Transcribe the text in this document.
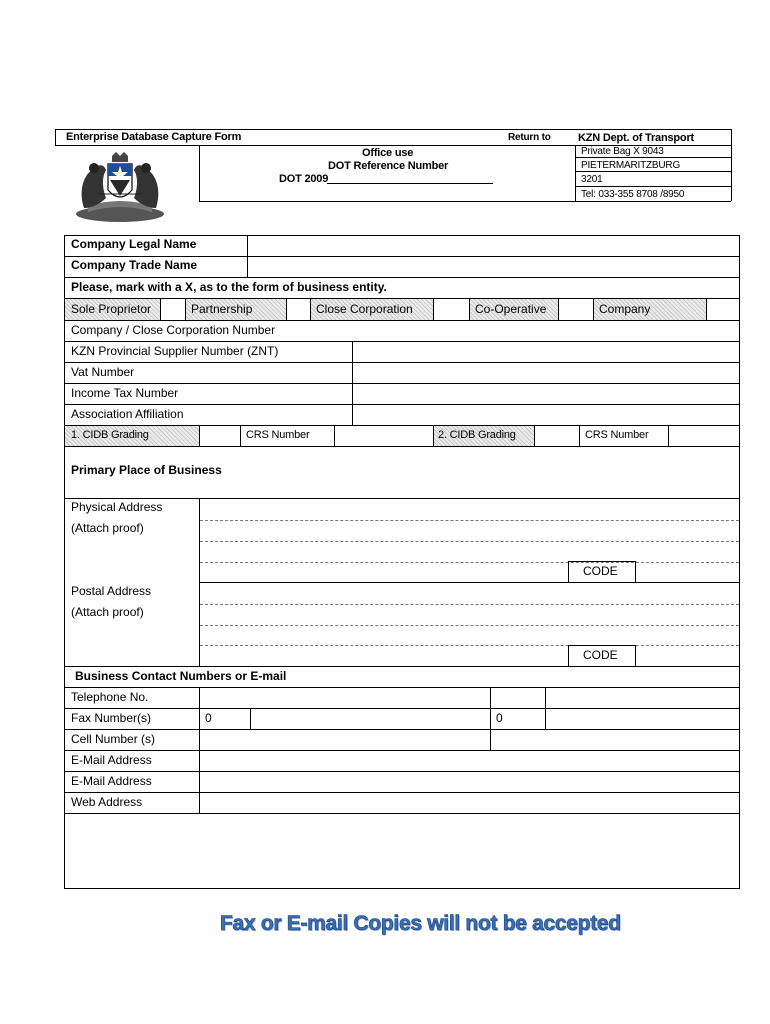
Enterprise Database Capture Form	Return to KZN Dept. of Transport
Private Bag X 9043
PIETERMARITZBURG
3201
Tel: 033-355 8708 /8950
Office use
DOT Reference Number
DOT 2009
Company Legal Name
Company Trade Name
Please, mark with a X, as to the form of business entity.
Sole Proprietor	Partnership	Close Corporation	Co-Operative	Company
Company / Close Corporation Number
KZN Provincial Supplier Number (ZNT)
Vat Number
Income Tax Number
Association Affiliation
1. CIDB Grading	CRS Number	2. CIDB Grading	CRS Number
Primary Place of Business
Physical Address
(Attach proof)
CODE
Postal Address
(Attach proof)
CODE
Business Contact Numbers or E-mail
Telephone No.
Fax Number(s)	0	0
Cell Number (s)
E-Mail Address
E-Mail Address
Web Address
Fax or E-mail Copies will not be accepted
